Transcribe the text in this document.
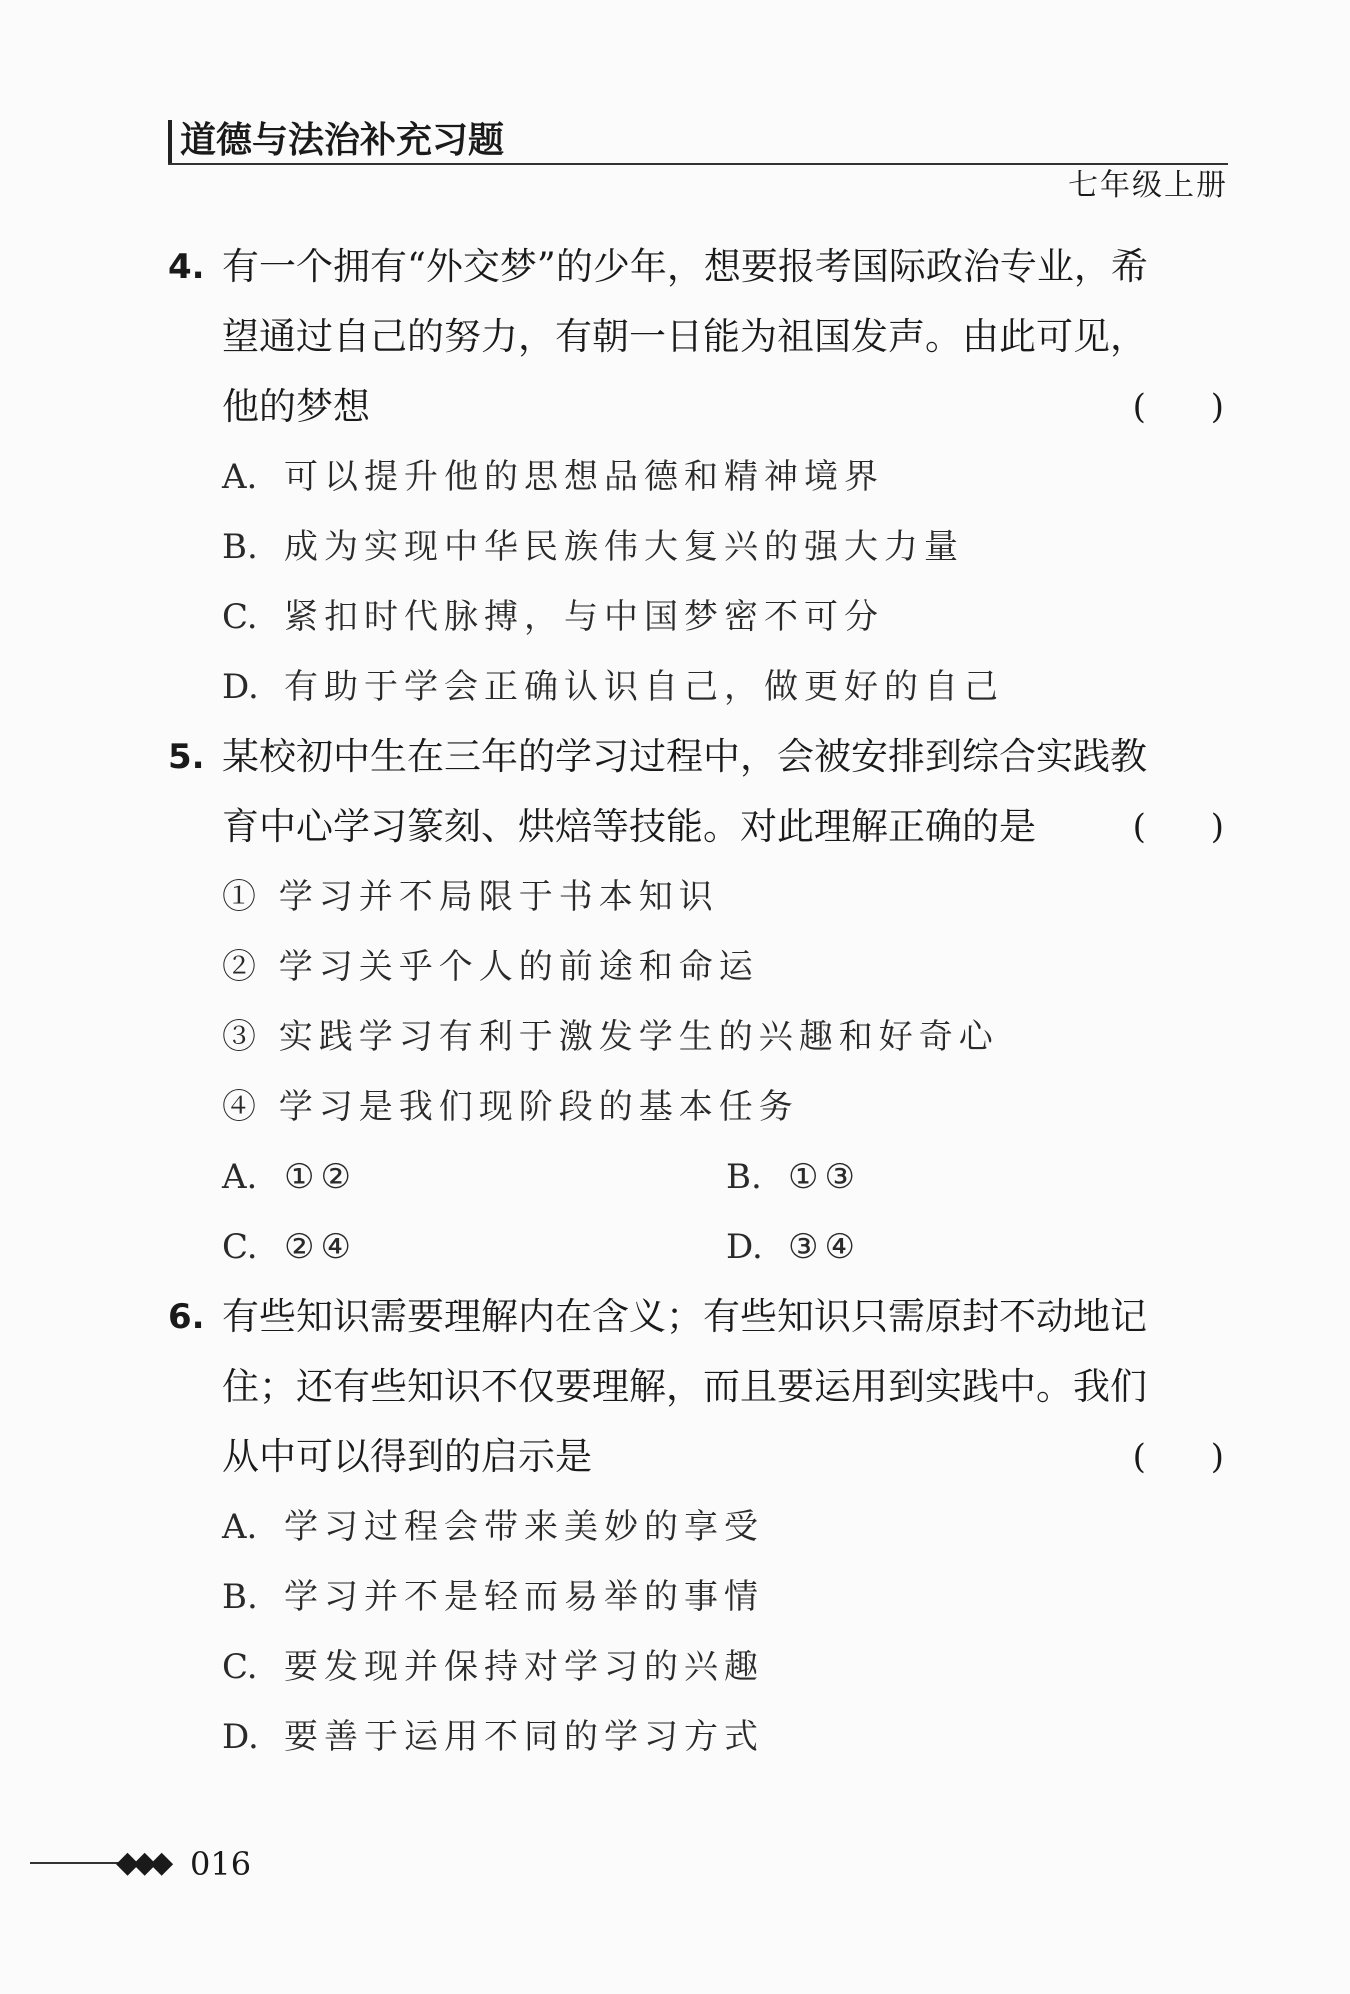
道德与法治补充习题
七年级上册
4. 有一个拥有“外交梦”的少年，想要报考国际政治专业，希
望通过自己的努力，有朝一日能为祖国发声。由此可见，
他的梦想	(      )
A. 可以提升他的思想品德和精神境界
B. 成为实现中华民族伟大复兴的强大力量
C. 紧扣时代脉搏，与中国梦密不可分
D. 有助于学会正确认识自己，做更好的自己
5. 某校初中生在三年的学习过程中，会被安排到综合实践教
育中心学习篆刻、烘焙等技能。对此理解正确的是	(      )
① 学习并不局限于书本知识
② 学习关乎个人的前途和命运
③ 实践学习有利于激发学生的兴趣和好奇心
④ 学习是我们现阶段的基本任务
A. ①②	B. ①③
C. ②④	D. ③④
6. 有些知识需要理解内在含义；有些知识只需原封不动地记
住；还有些知识不仅要理解，而且要运用到实践中。我们
从中可以得到的启示是	(      )
A. 学习过程会带来美妙的享受
B. 学习并不是轻而易举的事情
C. 要发现并保持对学习的兴趣
D. 要善于运用不同的学习方式
◆◆◆ 016
